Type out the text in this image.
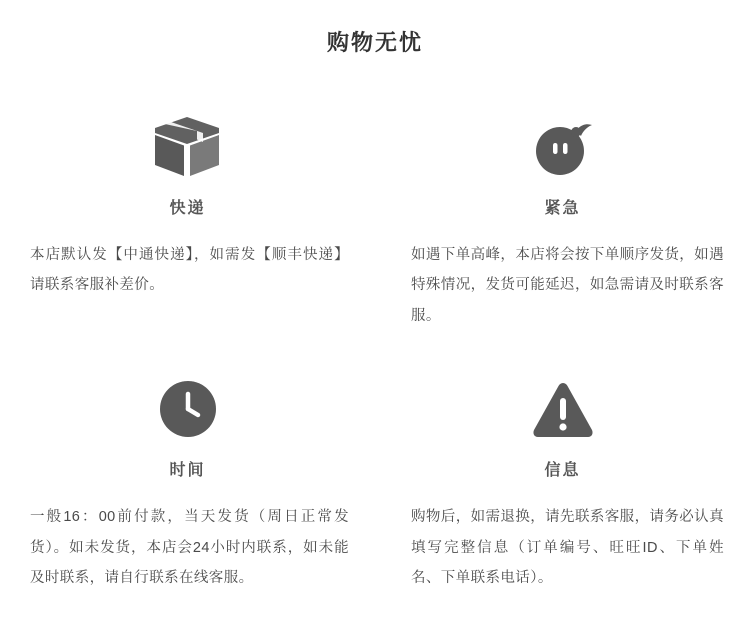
购物无忧
快递
本店默认发【中通快递】，如需发【顺丰快递】请联系客服补差价。
紧急
如遇下单高峰，本店将会按下单顺序发货，如遇特殊情况，发货可能延迟，如急需请及时联系客服。
时间
一般16：00前付款，当天发货（周日正常发货）。如未发货，本店会24小时内联系，如未能及时联系，请自行联系在线客服。
信息
购物后，如需退换，请先联系客服，请务必认真填写完整信息（订单编号、旺旺ID、下单姓名、下单联系电话）。
